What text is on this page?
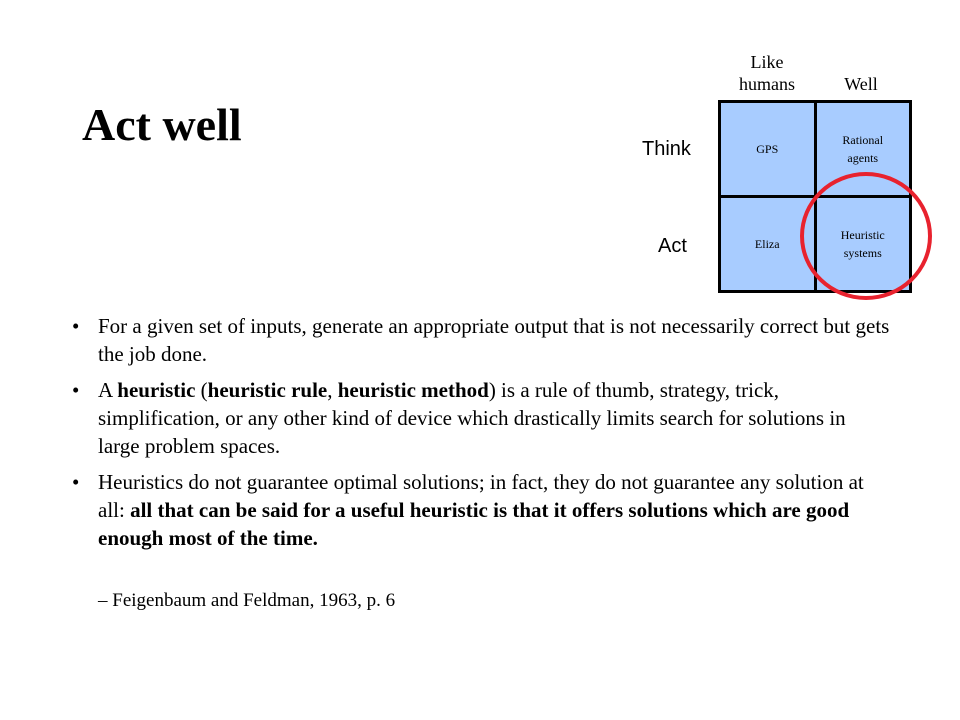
Act well
Like humans	Well
Think
Act
GPS
Rational agents
Eliza
Heuristic systems
• For a given set of inputs, generate an appropriate output that is not necessarily correct but gets the job done.
• A heuristic (heuristic rule, heuristic method) is a rule of thumb, strategy, trick, simplification, or any other kind of device which drastically limits search for solutions in large problem spaces.
• Heuristics do not guarantee optimal solutions; in fact, they do not guarantee any solution at all: all that can be said for a useful heuristic is that it offers solutions which are good enough most of the time.
– Feigenbaum and Feldman, 1963, p. 6
